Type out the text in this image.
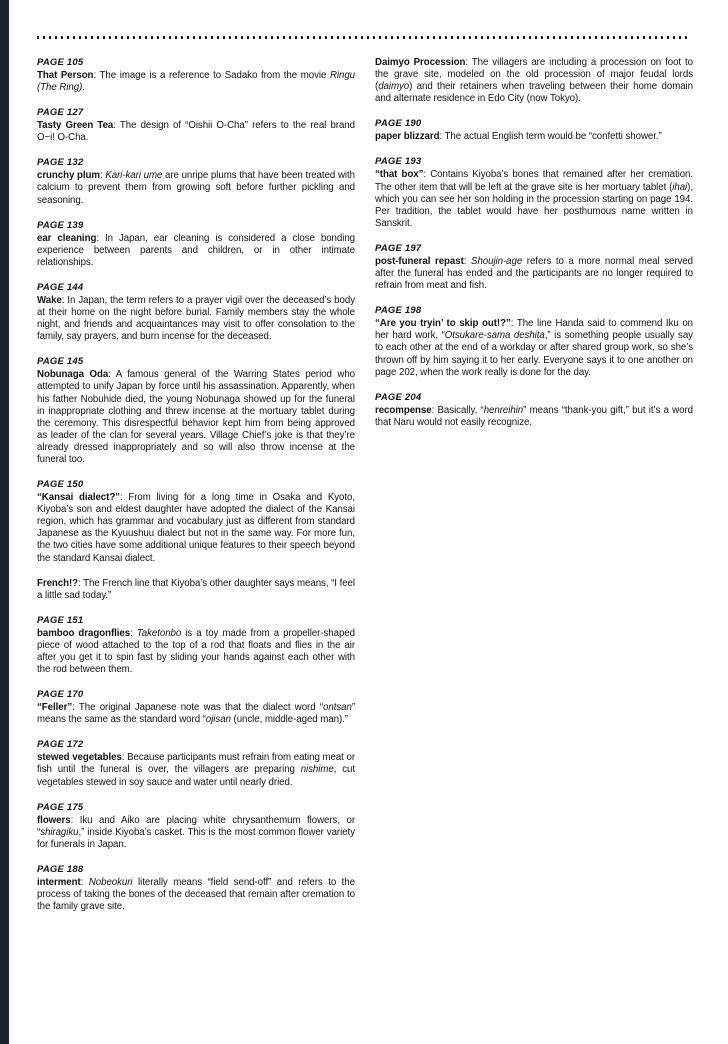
PAGE 105

That Person: The image is a reference to Sadako from the movie Ringu (The Ring).

PAGE 127

Tasty Green Tea: The design of “Oishii O-Cha” refers to the real brand O~i! O-Cha.

PAGE 132

crunchy plum: Kari-kari ume are unripe plums that have been treated with calcium to prevent them from growing soft before further pickling and seasoning.

PAGE 139

ear cleaning: In Japan, ear cleaning is considered a close bonding experience between parents and children, or in other intimate relationships.

PAGE 144

Wake: In Japan, the term refers to a prayer vigil over the deceased’s body at their home on the night before burial. Family members stay the whole night, and friends and acquaintances may visit to offer consolation to the family, say prayers, and burn incense for the deceased.

PAGE 145

Nobunaga Oda: A famous general of the Warring States period who attempted to unify Japan by force until his assassination. Apparently, when his father Nobuhide died, the young Nobunaga showed up for the funeral in inappropriate clothing and threw incense at the mortuary tablet during the ceremony. This disrespectful behavior kept him from being approved as leader of the clan for several years. Village Chief’s joke is that they’re already dressed inappropriately and so will also throw incense at the funeral too.

PAGE 150

“Kansai dialect?”: From living for a long time in Osaka and Kyoto, Kiyoba’s son and eldest daughter have adopted the dialect of the Kansai region, which has grammar and vocabulary just as different from standard Japanese as the Kyuushuu dialect but not in the same way. For more fun, the two cities have some additional unique features to their speech beyond the standard Kansai dialect.

French!?: The French line that Kiyoba’s other daughter says means, “I feel a little sad today.”

PAGE 151

bamboo dragonflies: Taketonbo is a toy made from a propeller-shaped piece of wood attached to the top of a rod that floats and flies in the air after you get it to spin fast by sliding your hands against each other with the rod between them.

PAGE 170

“Feller”: The original Japanese note was that the dialect word “ontsan” means the same as the standard word “ojisan (uncle, middle-aged man).”

PAGE 172

stewed vegetables: Because participants must refrain from eating meat or fish until the funeral is over, the villagers are preparing nishime, cut vegetables stewed in soy sauce and water until nearly dried.

PAGE 175

flowers: Iku and Aiko are placing white chrysanthemum flowers, or “shiragiku,” inside Kiyoba’s casket. This is the most common flower variety for funerals in Japan.

PAGE 188

interment: Nobeokuri literally means “field send-off” and refers to the process of taking the bones of the deceased that remain after cremation to the family grave site.

Daimyo Procession: The villagers are including a procession on foot to the grave site, modeled on the old procession of major feudal lords (daimyo) and their retainers when traveling between their home domain and alternate residence in Edo City (now Tokyo).

PAGE 190

paper blizzard: The actual English term would be “confetti shower.”

PAGE 193

“that box”: Contains Kiyoba’s bones that remained after her cremation. The other item that will be left at the grave site is her mortuary tablet (ihai), which you can see her son holding in the procession starting on page 194. Per tradition, the tablet would have her posthumous name written in Sanskrit.

PAGE 197

post-funeral repast: Shoujin-age refers to a more normal meal served after the funeral has ended and the participants are no longer required to refrain from meat and fish.

PAGE 198

“Are you tryin’ to skip out!?”: The line Handa said to commend Iku on her hard work, “Otsukare-sama deshita,” is something people usually say to each other at the end of a workday or after shared group work, so she’s thrown off by him saying it to her early. Everyone says it to one another on page 202, when the work really is done for the day.

PAGE 204

recompense: Basically, “henreihin” means “thank-you gift,” but it’s a word that Naru would not easily recognize.
